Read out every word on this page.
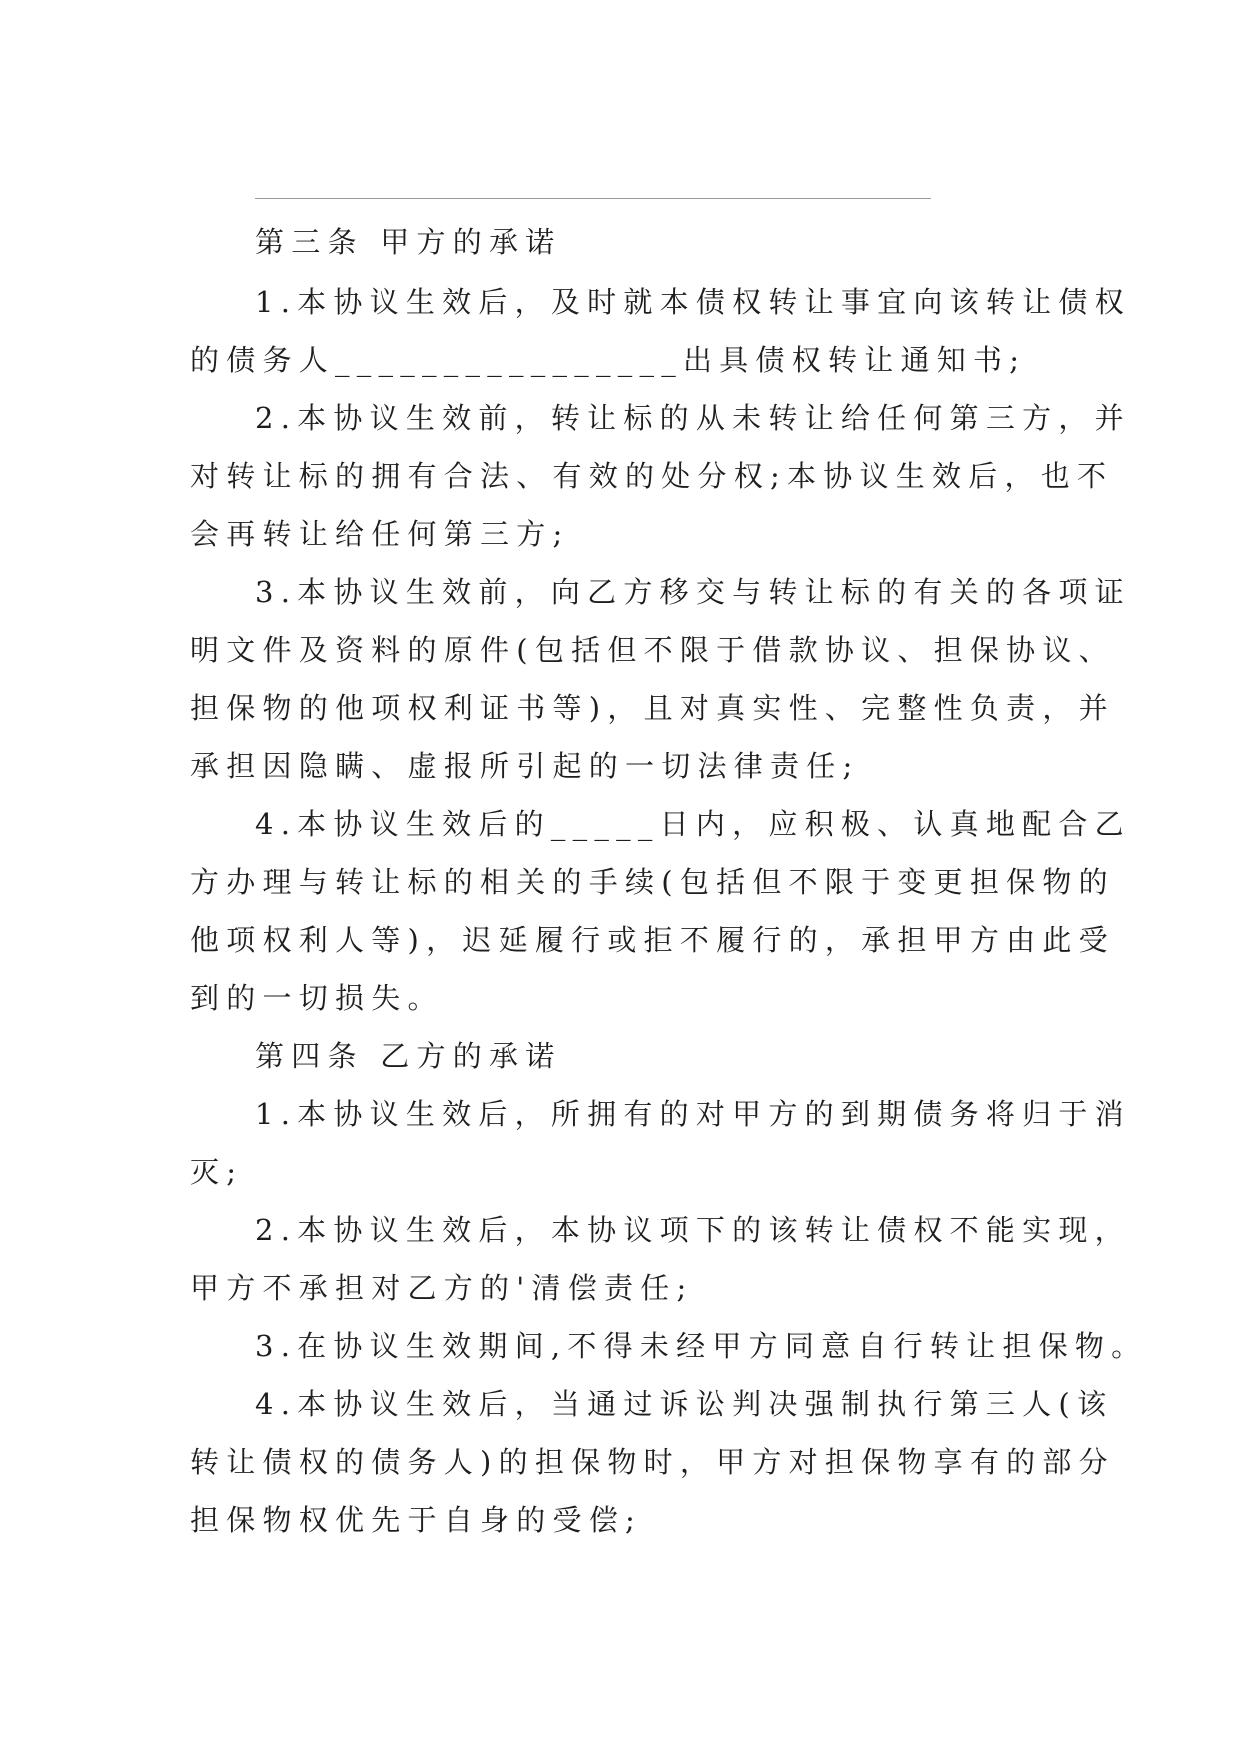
第三条 甲方的承诺

1.本协议生效后，及时就本债权转让事宜向该转让债权

的债务人________________出具债权转让通知书;

2.本协议生效前，转让标的从未转让给任何第三方，并

对转让标的拥有合法、有效的处分权;本协议生效后，也不

会再转让给任何第三方;

3.本协议生效前，向乙方移交与转让标的有关的各项证

明文件及资料的原件(包括但不限于借款协议、担保协议、

担保物的他项权利证书等)，且对真实性、完整性负责，并

承担因隐瞒、虚报所引起的一切法律责任;

4.本协议生效后的_____日内，应积极、认真地配合乙

方办理与转让标的相关的手续(包括但不限于变更担保物的

他项权利人等)，迟延履行或拒不履行的，承担甲方由此受

到的一切损失。

第四条 乙方的承诺

1.本协议生效后，所拥有的对甲方的到期债务将归于消

灭;

2.本协议生效后，本协议项下的该转让债权不能实现，

甲方不承担对乙方的'清偿责任;

3.在协议生效期间,不得未经甲方同意自行转让担保物。

4.本协议生效后，当通过诉讼判决强制执行第三人(该

转让债权的债务人)的担保物时，甲方对担保物享有的部分

担保物权优先于自身的受偿;
